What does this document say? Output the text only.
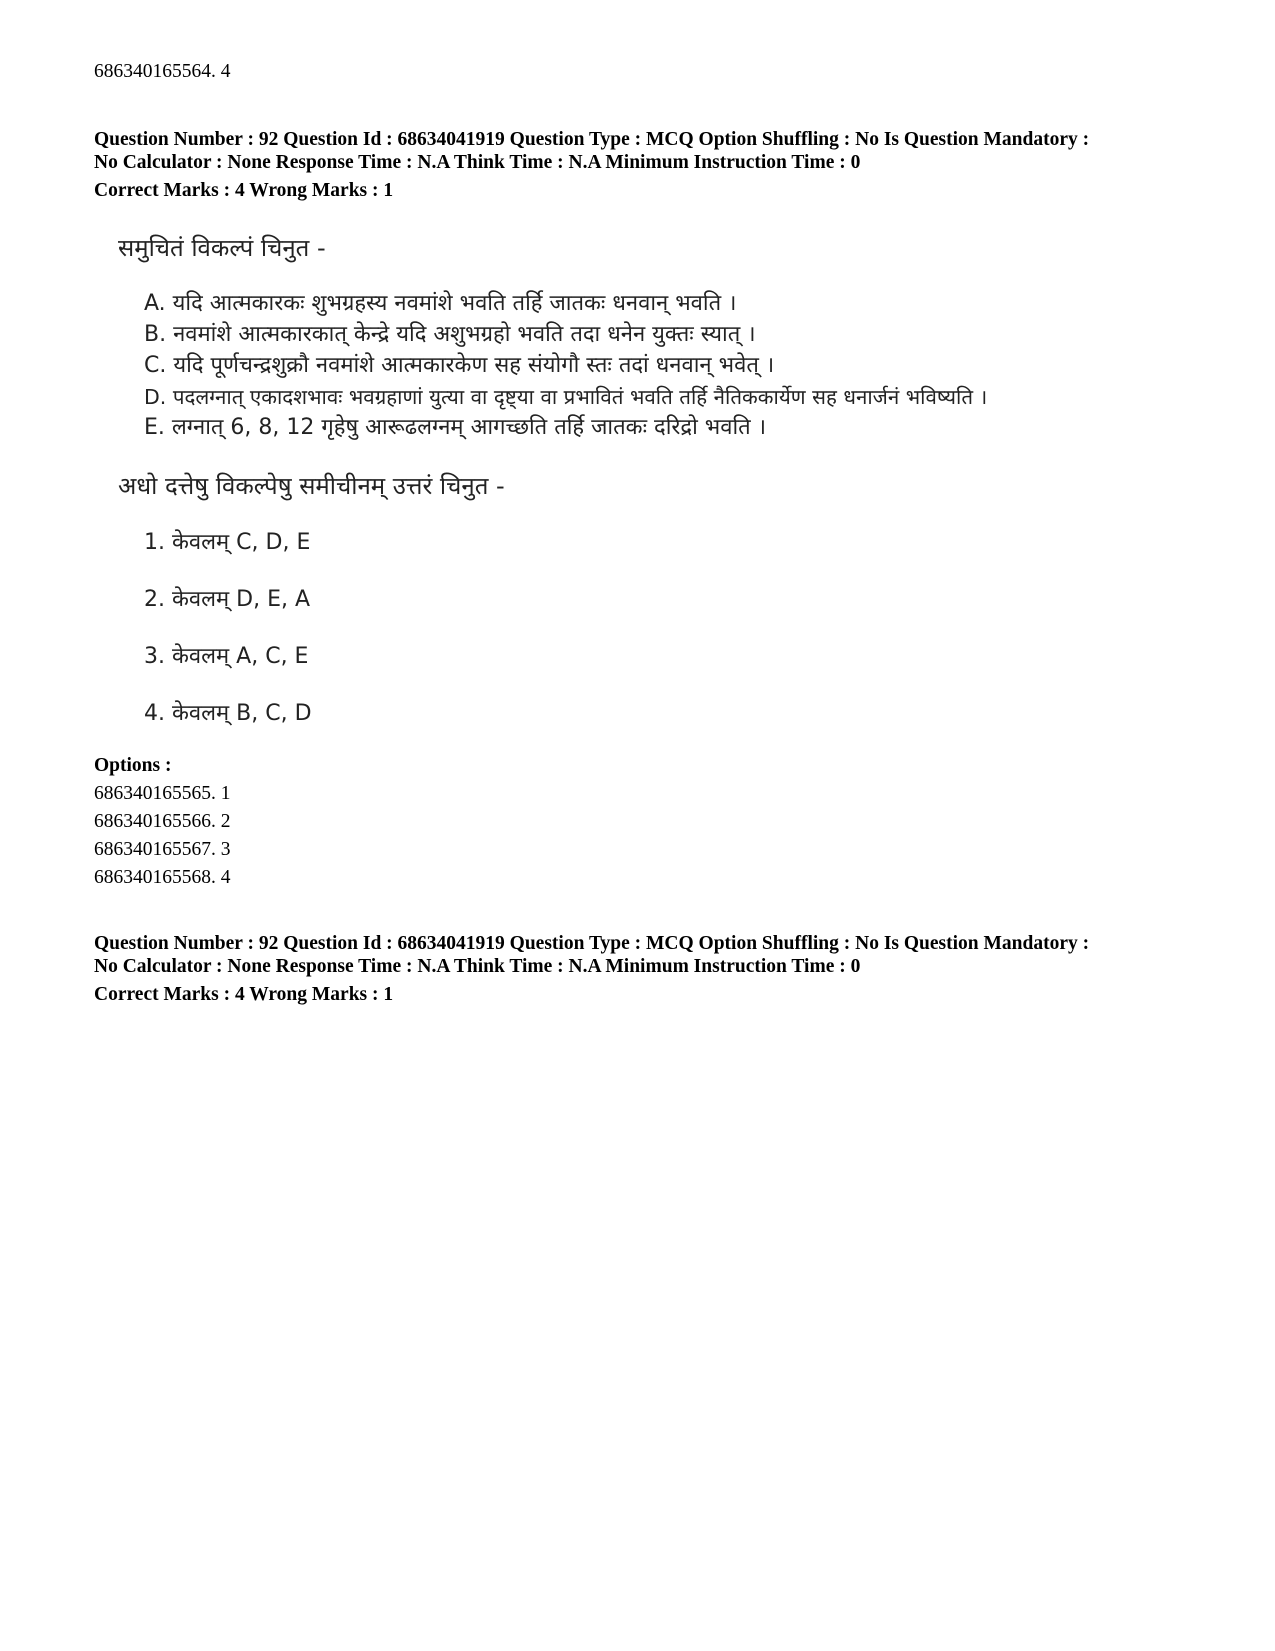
686340165564. 4
Question Number : 92 Question Id : 68634041919 Question Type : MCQ Option Shuffling : No Is Question Mandatory :
No Calculator : None Response Time : N.A Think Time : N.A Minimum Instruction Time : 0
Correct Marks : 4 Wrong Marks : 1
समुचितं विकल्पं चिनुत -
A. यदि आत्मकारकः शुभग्रहस्य नवमांशे भवति तर्हि जातकः धनवान् भवति ।
B. नवमांशे आत्मकारकात् केन्द्रे यदि अशुभग्रहो भवति तदा धनेन युक्तः स्यात् ।
C. यदि पूर्णचन्द्रशुक्रौ नवमांशे आत्मकारकेण सह संयोगौ स्तः तदां धनवान् भवेत् ।
D. पदलग्नात् एकादशभावः भवग्रहाणां युत्या वा दृष्ट्या वा प्रभावितं भवति तर्हि नैतिककार्येण सह धनार्जनं भविष्यति ।
E. लग्नात् 6, 8, 12 गृहेषु आरूढलग्नम् आगच्छति तर्हि जातकः दरिद्रो भवति ।
अधो दत्तेषु विकल्पेषु समीचीनम् उत्तरं चिनुत -
1. केवलम् C, D, E
2. केवलम् D, E, A
3. केवलम् A, C, E
4. केवलम् B, C, D
Options :
686340165565. 1
686340165566. 2
686340165567. 3
686340165568. 4
Question Number : 92 Question Id : 68634041919 Question Type : MCQ Option Shuffling : No Is Question Mandatory :
No Calculator : None Response Time : N.A Think Time : N.A Minimum Instruction Time : 0
Correct Marks : 4 Wrong Marks : 1
